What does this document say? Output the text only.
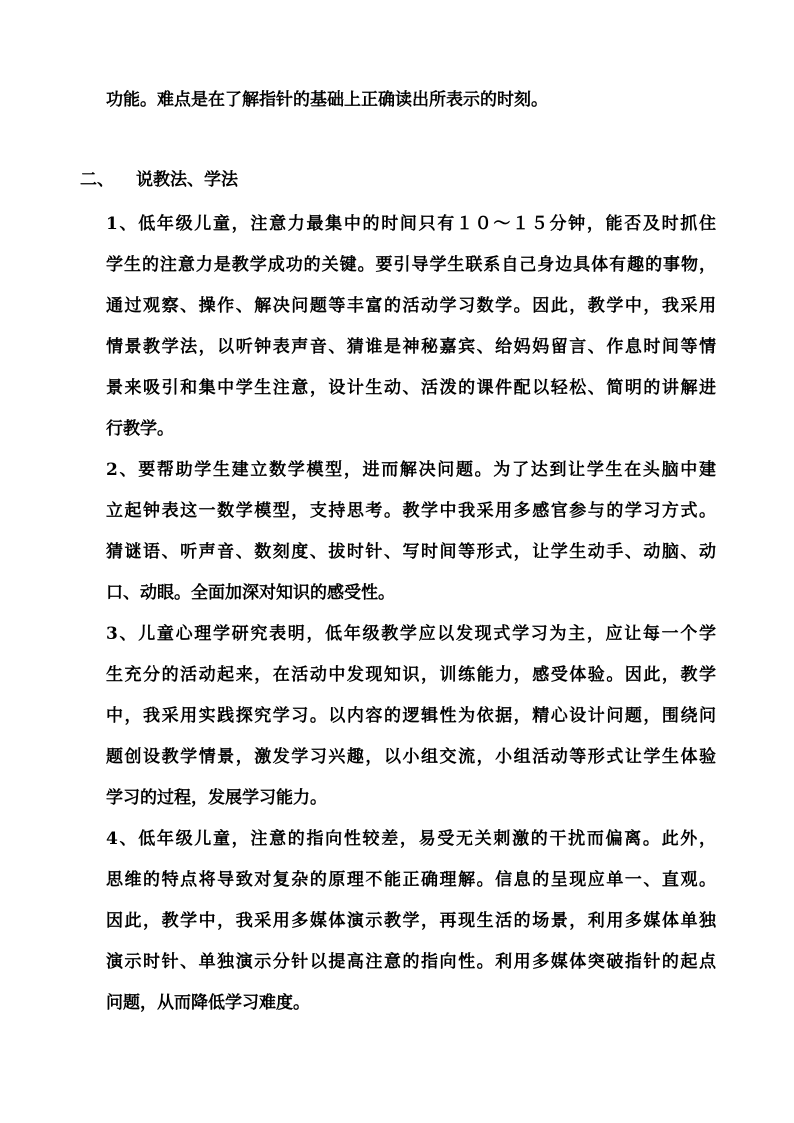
功能。难点是在了解指针的基础上正确读出所表示的时刻。
二、 说教法、学法
1、低年级儿童，注意力最集中的时间只有１０～１５分钟，能否及时抓住
学生的注意力是教学成功的关键。要引导学生联系自己身边具体有趣的事物，
通过观察、操作、解决问题等丰富的活动学习数学。因此，教学中，我采用
情景教学法，以听钟表声音、猜谁是神秘嘉宾、给妈妈留言、作息时间等情
景来吸引和集中学生注意，设计生动、活泼的课件配以轻松、简明的讲解进
行教学。
2、要帮助学生建立数学模型，进而解决问题。为了达到让学生在头脑中建
立起钟表这一数学模型，支持思考。教学中我采用多感官参与的学习方式。
猜谜语、听声音、数刻度、拔时针、写时间等形式，让学生动手、动脑、动
口、动眼。全面加深对知识的感受性。
3、儿童心理学研究表明，低年级教学应以发现式学习为主，应让每一个学
生充分的活动起来，在活动中发现知识，训练能力，感受体验。因此，教学
中，我采用实践探究学习。以内容的逻辑性为依据，精心设计问题，围绕问
题创设教学情景，激发学习兴趣，以小组交流，小组活动等形式让学生体验
学习的过程，发展学习能力。
4、低年级儿童，注意的指向性较差，易受无关刺激的干扰而偏离。此外，
思维的特点将导致对复杂的原理不能正确理解。信息的呈现应单一、直观。
因此，教学中，我采用多媒体演示教学，再现生活的场景，利用多媒体单独
演示时针、单独演示分针以提高注意的指向性。利用多媒体突破指针的起点
问题，从而降低学习难度。
